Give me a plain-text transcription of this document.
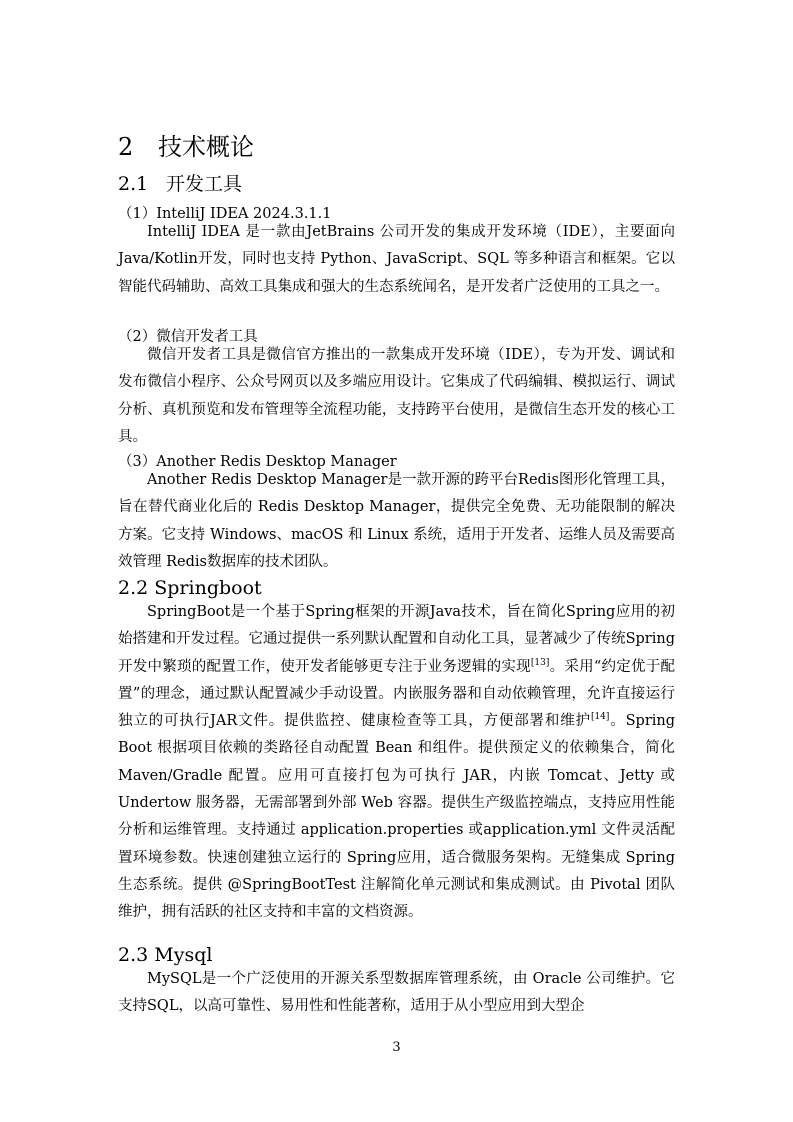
2 技术概论
2.1 开发工具
（1）IntelliJ IDEA 2024.3.1.1

IntelliJ IDEA 是一款由JetBrains 公司开发的集成开发环境（IDE），主要面向Java/Kotlin开发，同时也支持 Python、JavaScript、SQL 等多种语言和框架。它以智能代码辅助、高效工具集成和强大的生态系统闻名，是开发者广泛使用的工具之一。

（2）微信开发者工具

微信开发者工具是微信官方推出的一款集成开发环境（IDE），专为开发、调试和发布微信小程序、公众号网页以及多端应用设计。它集成了代码编辑、模拟运行、调试分析、真机预览和发布管理等全流程功能，支持跨平台使用，是微信生态开发的核心工具。

（3）Another Redis Desktop Manager

Another Redis Desktop Manager是一款开源的跨平台Redis图形化管理工具，旨在替代商业化后的 Redis Desktop Manager，提供完全免费、无功能限制的解决方案。它支持 Windows、macOS 和 Linux 系统，适用于开发者、运维人员及需要高效管理 Redis数据库的技术团队。

2.2 Springboot

SpringBoot是一个基于Spring框架的开源Java技术，旨在简化Spring应用的初始搭建和开发过程。它通过提供一系列默认配置和自动化工具，显著减少了传统Spring开发中繁琐的配置工作，使开发者能够更专注于业务逻辑的实现[13]。采用“约定优于配置”的理念，通过默认配置减少手动设置。内嵌服务器和自动依赖管理，允许直接运行独立的可执行JAR文件。提供监控、健康检查等工具，方便部署和维护[14]。Spring Boot 根据项目依赖的类路径自动配置 Bean 和组件。提供预定义的依赖集合，简化 Maven/Gradle 配置。应用可直接打包为可执行 JAR，内嵌 Tomcat、Jetty 或 Undertow 服务器，无需部署到外部 Web 容器。提供生产级监控端点，支持应用性能分析和运维管理。支持通过 application.properties 或application.yml 文件灵活配置环境参数。快速创建独立运行的 Spring应用，适合微服务架构。无缝集成 Spring生态系统。提供 @SpringBootTest 注解简化单元测试和集成测试。由 Pivotal 团队维护，拥有活跃的社区支持和丰富的文档资源。

2.3 Mysql

MySQL是一个广泛使用的开源关系型数据库管理系统，由 Oracle 公司维护。它支持SQL，以高可靠性、易用性和性能著称，适用于从小型应用到大型企

3
